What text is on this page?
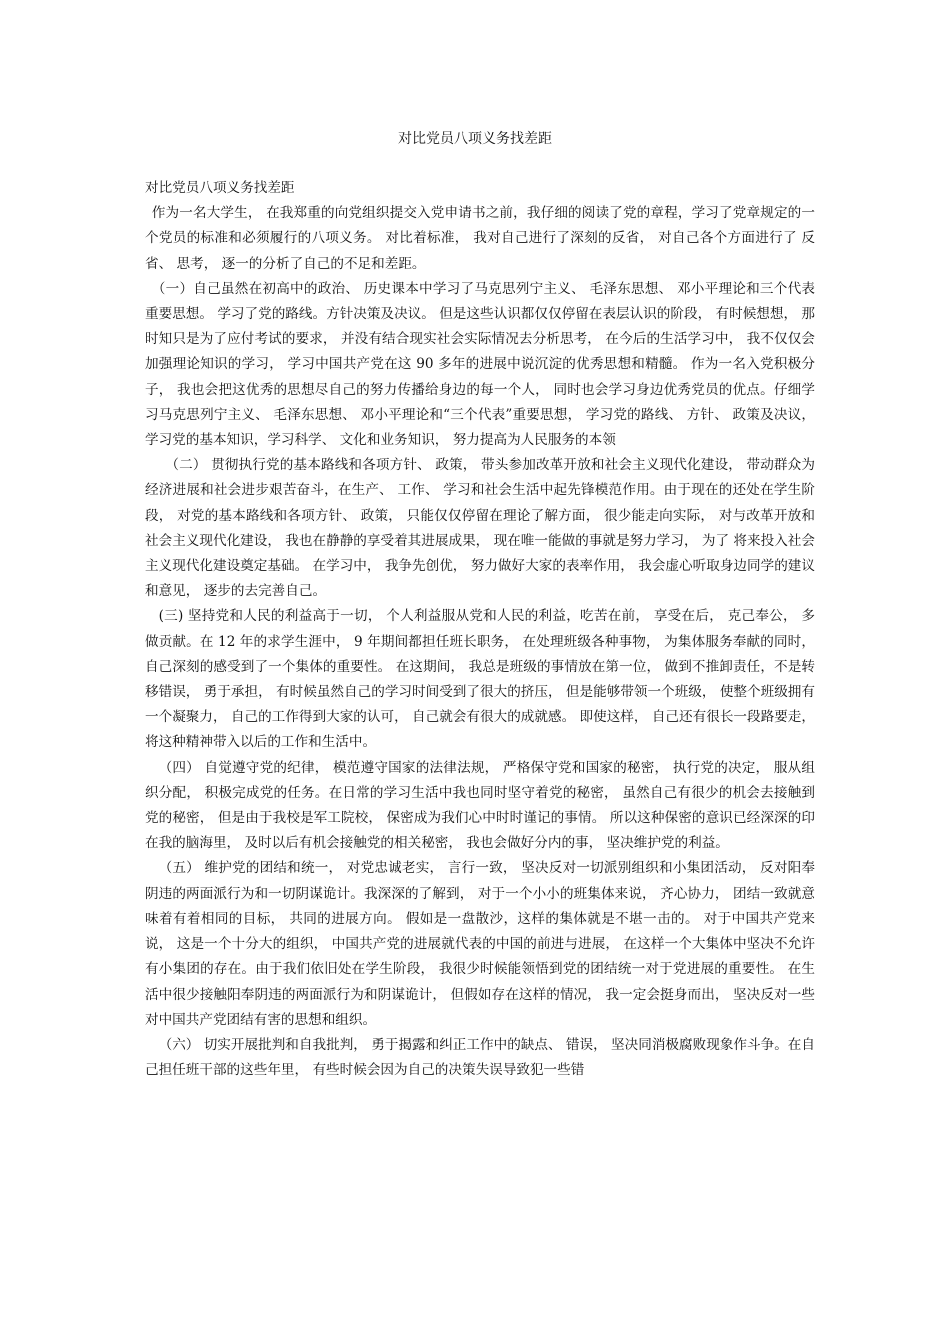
对比党员八项义务找差距

对比党员八项义务找差距

作为一名大学生， 在我郑重的向党组织提交入党申请书之前，我仔细的阅读了党的章程，学习了党章规定的一个党员的标准和必须履行的八项义务。 对比着标准， 我对自己进行了深刻的反省， 对自己各个方面进行了 反省、 思考， 逐一的分析了自己的不足和差距。

（一）自己虽然在初高中的政治、 历史课本中学习了马克思列宁主义、 毛泽东思想、 邓小平理论和三个代表重要思想。 学习了党的路线。方针决策及决议。 但是这些认识都仅仅停留在表层认识的阶段， 有时候想想， 那时知只是为了应付考试的要求， 并没有结合现实社会实际情况去分析思考， 在今后的生活学习中， 我不仅仅会加强理论知识的学习， 学习中国共产党在这 90 多年的进展中说沉淀的优秀思想和精髓。 作为一名入党积极分子， 我也会把这优秀的思想尽自己的努力传播给身边的每一个人， 同时也会学习身边优秀党员的优点。仔细学习马克思列宁主义、 毛泽东思想、 邓小平理论和“三个代表”重要思想， 学习党的路线、 方针、 政策及决议， 学习党的基本知识，学习科学、 文化和业务知识， 努力提高为人民服务的本领

（二） 贯彻执行党的基本路线和各项方针、 政策， 带头参加改革开放和社会主义现代化建设， 带动群众为经济进展和社会进步艰苦奋斗，在生产、 工作、 学习和社会生活中起先锋模范作用。由于现在的还处在学生阶段， 对党的基本路线和各项方针、 政策， 只能仅仅停留在理论了解方面， 很少能走向实际， 对与改革开放和社会主义现代化建设， 我也在静静的享受着其进展成果， 现在唯一能做的事就是努力学习， 为了 将来投入社会主义现代化建设奠定基础。 在学习中， 我争先创优， 努力做好大家的表率作用， 我会虚心听取身边同学的建议和意见， 逐步的去完善自己。

(三) 坚持党和人民的利益高于一切， 个人利益服从党和人民的利益，吃苦在前， 享受在后， 克己奉公， 多做贡献。在 12 年的求学生涯中， 9 年期间都担任班长职务， 在处理班级各种事物， 为集体服务奉献的同时， 自己深刻的感受到了一个集体的重要性。 在这期间， 我总是班级的事情放在第一位， 做到不推卸责任，不是转移错误， 勇于承担， 有时候虽然自己的学习时间受到了很大的挤压， 但是能够带领一个班级， 使整个班级拥有一个凝聚力， 自己的工作得到大家的认可， 自己就会有很大的成就感。 即使这样， 自己还有很长一段路要走，将这种精神带入以后的工作和生活中。

（四） 自觉遵守党的纪律， 模范遵守国家的法律法规， 严格保守党和国家的秘密， 执行党的决定， 服从组织分配， 积极完成党的任务。在日常的学习生活中我也同时坚守着党的秘密， 虽然自己有很少的机会去接触到党的秘密， 但是由于我校是军工院校， 保密成为我们心中时时谨记的事情。 所以这种保密的意识已经深深的印在我的脑海里， 及时以后有机会接触党的相关秘密， 我也会做好分内的事， 坚决维护党的利益。

（五） 维护党的团结和统一， 对党忠诚老实， 言行一致， 坚决反对一切派别组织和小集团活动， 反对阳奉阴违的两面派行为和一切阴谋诡计。我深深的了解到， 对于一个小小的班集体来说， 齐心协力， 团结一致就意味着有着相同的目标， 共同的进展方向。 假如是一盘散沙，这样的集体就是不堪一击的。 对于中国共产党来说， 这是一个十分大的组织， 中国共产党的进展就代表的中国的前进与进展， 在这样一个大集体中坚决不允许有小集团的存在。由于我们依旧处在学生阶段， 我很少时候能领悟到党的团结统一对于党进展的重要性。 在生活中很少接触阳奉阴违的两面派行为和阴谋诡计， 但假如存在这样的情况， 我一定会挺身而出， 坚决反对一些对中国共产党团结有害的思想和组织。

（六） 切实开展批判和自我批判， 勇于揭露和纠正工作中的缺点、 错误， 坚决同消极腐败现象作斗争。在自己担任班干部的这些年里， 有些时候会因为自己的决策失误导致犯一些错
